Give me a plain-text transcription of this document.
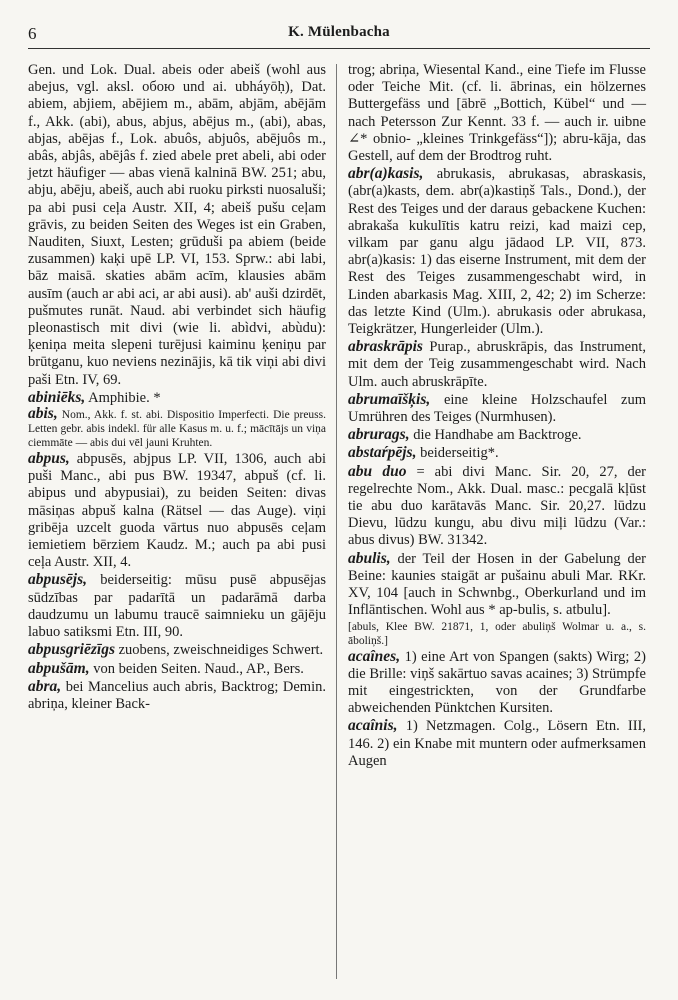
6	K. Mülenbacha
Gen. und Lok. Dual. abeis oder abeiš (wohl aus abejus, vgl. aksl. обою und ai. ubháyōḥ), Dat. abiem, abjiem, abējiem m., abām, abjām, abējām f., Akk. (abi), abus, abjus, abējus m., (abi), abas, abjas, abējas f., Lok. abuôs, abjuôs, abējuôs m., abâs, abjâs, abējâs f. zied abele pret abeli, abi oder jetzt häufiger — abas vienā kalninā BW. 251; abu, abju, abēju, abeiš, auch abi ruoku pirksti nuosaluši; pa abi pusi ceļa Austr. XII, 4; abeiš pušu ceļam grāvis, zu beiden Seiten des Weges ist ein Graben, Nauditen, Siuxt, Lesten; grūduši pa abiem (beide zusammen) kaķi upē LP. VI, 153. Sprw.: abi labi, bāz maisā. skaties abām acīm, klausies abām ausīm (auch ar abi aci, ar abi ausi). ab' auši dzirdēt, pušmutes runāt. Naud. abi verbindet sich häufig pleonastisch mit divi (wie li. abìdvi, abùdu): ķeniņa meita slepeni turējusi kaiminu ķeniņu par brūtganu, kuo neviens nezinājis, kā tik viņi abi divi paši Etn. IV, 69.
abiniēks, Amphibie. *
abis, Nom., Akk. f. st. abi. Dispositio Imperfecti. Die preuss. Letten gebr. abis indekl. für alle Kasus m. u. f.; mācītājs un viņa ciemmāte — abis dui vēl jauni Kruhten.
abpus, abpusēs, abjpus LP. VII, 1306, auch abi puši Manc., abi pus BW. 19347, abpuš (cf. li. abipus und abypusiai), zu beiden Seiten: divas māsiņas abpuš kalna (Rätsel — das Auge). viņi gribēja uzcelt guoda vārtus nuo abpusēs ceļam iemietiem bērziem Kaudz. M.; auch pa abi pusi ceļa Austr. XII, 4.
abpusējs, beiderseitig: mūsu pusē abpusējas sūdzības par padarītā un padarāmā darba daudzumu un labumu traucē saimnieku un gājēju labuo satiksmi Etn. III, 90.
abpusgriēzīgs zuobens, zweischneidiges Schwert.
abpušām, von beiden Seiten. Naud., AP., Bers.
abra, bei Mancelius auch abris, Backtrog; Demin. abriņa, kleiner Back-
trog; abriņa, Wiesental Kand., eine Tiefe im Flusse oder Teiche Mit. (cf. li. ābrinas, ein hölzernes Buttergefäss und [ābrē „Bottich, Kübel“ und — nach Petersson Zur Kennt. 33 f. — auch ir. uibne ∠* obnio- „kleines Trinkgefäss“]); abru-kāja, das Gestell, auf dem der Brodtrog ruht.
abr(a)kasis, abrukasis, abrukasas, abraskasis, (abr(a)kasts, dem. abr(a)kastiņš Tals., Dond.), der Rest des Teiges und der daraus gebackene Kuchen: abrakaša kukulītis katru reizi, kad maizi cep, vilkam par ganu algu jādaod LP. VII, 873. abr(a)kasis: 1) das eiserne Instrument, mit dem der Rest des Teiges zusammengeschabt wird, in Linden abarkasis Mag. XIII, 2, 42; 2) im Scherze: das letzte Kind (Ulm.). abrukasis oder abrukasa, Teigkrätzer, Hungerleider (Ulm.).
abraskrāpis Purap., abruskrāpis, das Instrument, mit dem der Teig zusammengeschabt wird. Nach Ulm. auch abruskrāpīte.
abrumaīšķis, eine kleine Holzschaufel zum Umrühren des Teiges (Nurmhusen).
abrurags, die Handhabe am Backtroge.
abstaŕpējs, beiderseitig*.
abu duo = abi divi Manc. Sir. 20, 27, der regelrechte Nom., Akk. Dual. masc.: pecgalā kļūst tie abu duo karātavās Manc. Sir. 20,27. lūdzu Dievu, lūdzu kungu, abu divu miļi lūdzu (Var.: abus divus) BW. 31342.
abulis, der Teil der Hosen in der Gabelung der Beine: kaunies staigāt ar pušainu abuli Mar. RKr. XV, 104 [auch in Schwnbg., Oberkurland und im Inflāntischen. Wohl aus * ap-bulis, s. atbulu].
[abuls, Klee BW. 21871, 1, oder abuliņš Wolmar u. a., s. āboliņš.]
acaînes, 1) eine Art von Spangen (sakts) Wirg; 2) die Brille: viņš sakārtuo savas acaines; 3) Strümpfe mit eingestrickten, von der Grundfarbe abweichenden Pünktchen Kursiten.
acaînis, 1) Netzmagen. Colg., Lösern Etn. III, 146. 2) ein Knabe mit muntern oder aufmerksamen Augen
